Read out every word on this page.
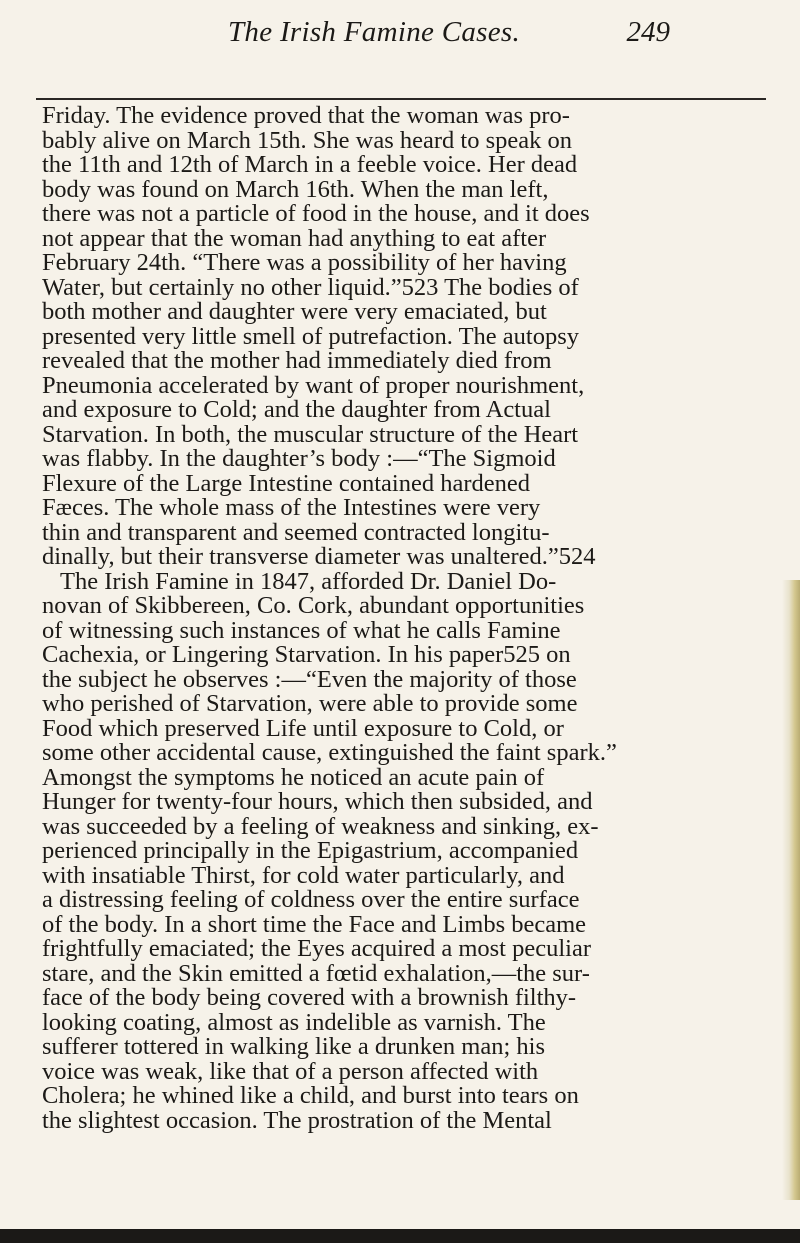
The Irish Famine Cases.	249
Friday. The evidence proved that the woman was pro-
bably alive on March 15th. She was heard to speak on
the 11th and 12th of March in a feeble voice. Her dead
body was found on March 16th. When the man left,
there was not a particle of food in the house, and it does
not appear that the woman had anything to eat after
February 24th. “There was a possibility of her having
Water, but certainly no other liquid.”523 The bodies of
both mother and daughter were very emaciated, but
presented very little smell of putrefaction. The autopsy
revealed that the mother had immediately died from
Pneumonia accelerated by want of proper nourishment,
and exposure to Cold; and the daughter from Actual
Starvation. In both, the muscular structure of the Heart
was flabby. In the daughter’s body :—“The Sigmoid
Flexure of the Large Intestine contained hardened
Fæces. The whole mass of the Intestines were very
thin and transparent and seemed contracted longitu-
dinally, but their transverse diameter was unaltered.”524
The Irish Famine in 1847, afforded Dr. Daniel Do-
novan of Skibbereen, Co. Cork, abundant opportunities
of witnessing such instances of what he calls Famine
Cachexia, or Lingering Starvation. In his paper525 on
the subject he observes :—“Even the majority of those
who perished of Starvation, were able to provide some
Food which preserved Life until exposure to Cold, or
some other accidental cause, extinguished the faint spark.”
Amongst the symptoms he noticed an acute pain of
Hunger for twenty-four hours, which then subsided, and
was succeeded by a feeling of weakness and sinking, ex-
perienced principally in the Epigastrium, accompanied
with insatiable Thirst, for cold water particularly, and
a distressing feeling of coldness over the entire surface
of the body. In a short time the Face and Limbs became
frightfully emaciated; the Eyes acquired a most peculiar
stare, and the Skin emitted a fœtid exhalation,—the sur-
face of the body being covered with a brownish filthy-
looking coating, almost as indelible as varnish. The
sufferer tottered in walking like a drunken man; his
voice was weak, like that of a person affected with
Cholera; he whined like a child, and burst into tears on
the slightest occasion. The prostration of the Mental
